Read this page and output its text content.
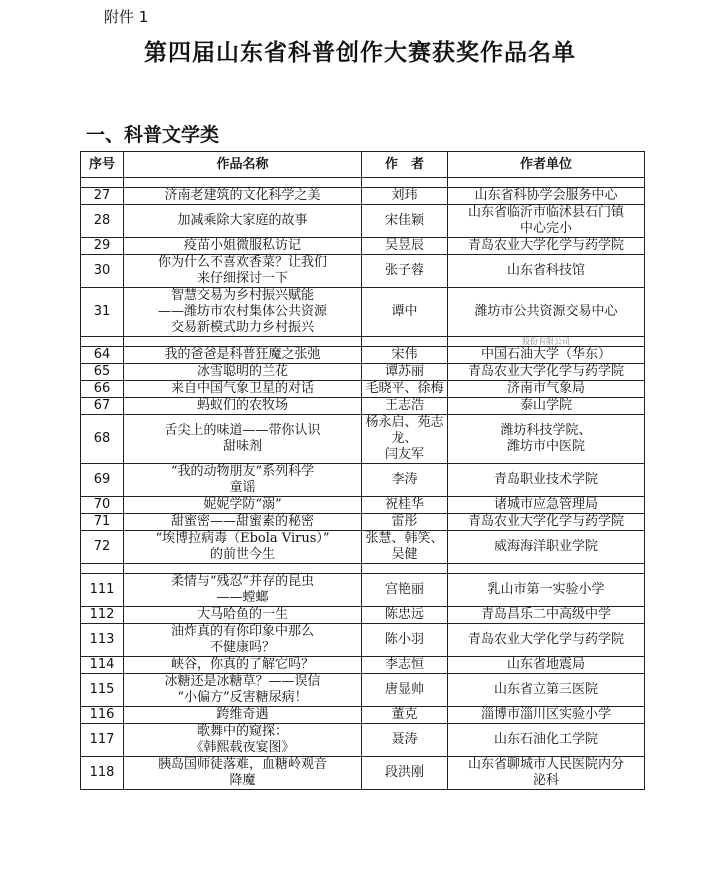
附件 1
第四届山东省科普创作大赛获奖作品名单
一、科普文学类
序号	作品名称	作　者	作者单位

27	济南老建筑的文化科学之美	刘玮	山东省科协学会服务中心
28	加减乘除大家庭的故事	宋佳颖	山东省临沂市临沭县石门镇
中心完小
29	疫苗小姐微服私访记	吴昱辰	青岛农业大学化学与药学院
30	你为什么不喜欢香菜？让我们
来仔细探讨一下	张子蓉	山东省科技馆
31	智慧交易为乡村振兴赋能
——潍坊市农村集体公共资源
交易新模式助力乡村振兴	谭中	潍坊市公共资源交易中心
			股份有限公司
64	我的爸爸是科普狂魔之张弛	宋伟	中国石油大学（华东）
65	冰雪聪明的兰花	谭苏丽	青岛农业大学化学与药学院
66	来自中国气象卫星的对话	毛晓平、徐梅	济南市气象局
67	蚂蚁们的农牧场	王志浩	泰山学院
68	舌尖上的味道——带你认识
甜味剂	杨永启、苑志龙、
闫友军	潍坊科技学院、
潍坊市中医院
69	“我的动物朋友”系列科学
童谣	李涛	青岛职业技术学院
70	妮妮学防“溺”	祝桂华	诸城市应急管理局
71	甜蜜密——甜蜜素的秘密	雷彤	青岛农业大学化学与药学院
72	“埃博拉病毒（Ebola Virus）”
的前世今生	张慧、韩笑、
吴健	威海海洋职业学院

111	柔情与“残忍”并存的昆虫
——螳螂	宫艳丽	乳山市第一实验小学
112	大马哈鱼的一生	陈忠远	青岛昌乐二中高级中学
113	油炸真的有你印象中那么
不健康吗？	陈小羽	青岛农业大学化学与药学院
114	峡谷，你真的了解它吗？	李志恒	山东省地震局
115	冰糖还是冰糖草？——误信
“小偏方”反害糖尿病！	唐显帅	山东省立第三医院
116	跨维奇遇	董克	淄博市淄川区实验小学
117	歌舞中的窥探：
《韩熙载夜宴图》	聂涛	山东石油化工学院
118	胰岛国师徒落难，血糖岭观音
降魔	段洪刚	山东省聊城市人民医院内分
泌科
